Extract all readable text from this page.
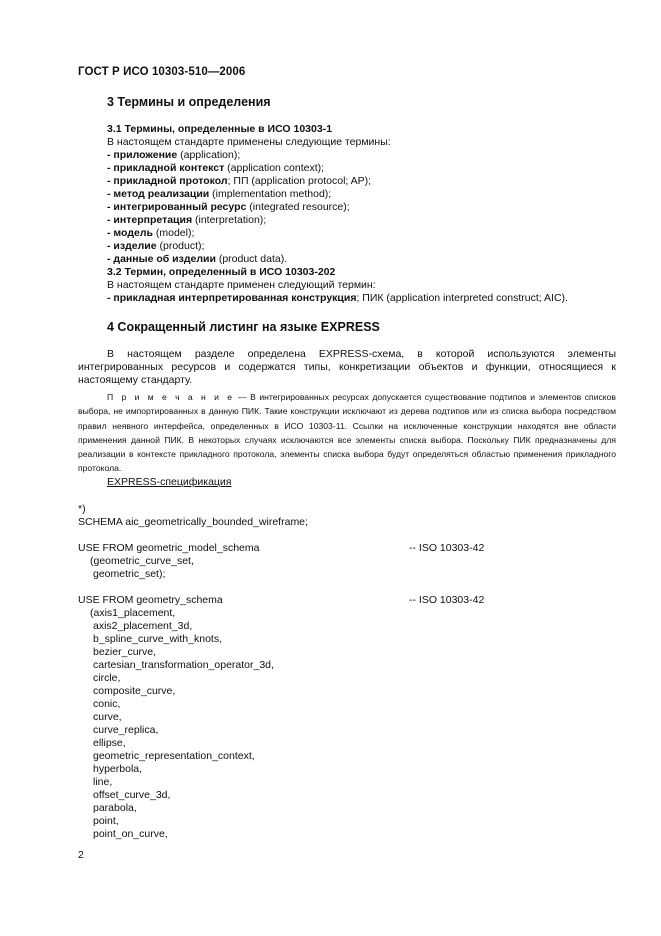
ГОСТ Р ИСО 10303-510—2006
3 Термины и определения
3.1 Термины, определенные в ИСО 10303-1
В настоящем стандарте применены следующие термины:
- приложение (application);
- прикладной контекст (application context);
- прикладной протокол; ПП (application protocol; AP);
- метод реализации (implementation method);
- интегрированный ресурс (integrated resource);
- интерпретация (interpretation);
- модель (model);
- изделие (product);
- данные об изделии (product data).
3.2 Термин, определенный в ИСО 10303-202
В настоящем стандарте применен следующий термин:
- прикладная интерпретированная конструкция; ПИК (application interpreted construct; AIC).
4 Сокращенный листинг на языке EXPRESS
В настоящем разделе определена EXPRESS-схема, в которой используются элементы интегрированных ресурсов и содержатся типы, конкретизации объектов и функции, относящиеся к настоящему стандарту.
П р и м е ч а н и е — В интегрированных ресурсах допускается существование подтипов и элементов списков выбора, не импортированных в данную ПИК. Такие конструкции исключают из дерева подтипов или из списка выбора посредством правил неявного интерфейса, определенных в ИСО 10303-11. Ссылки на исключенные конструкции находятся вне области применения данной ПИК. В некоторых случаях исключаются все элементы списка выбора. Поскольку ПИК предназначены для реализации в контексте прикладного протокола, элементы списка выбора будут определяться областью применения прикладного протокола.
EXPRESS-спецификация
*)
SCHEMA aic_geometrically_bounded_wireframe;
USE FROM geometric_model_schema	-- ISO 10303-42
(geometric_curve_set,
geometric_set);
USE FROM geometry_schema	-- ISO 10303-42
(axis1_placement,
axis2_placement_3d,
b_spline_curve_with_knots,
bezier_curve,
cartesian_transformation_operator_3d,
circle,
composite_curve,
conic,
curve,
curve_replica,
ellipse,
geometric_representation_context,
hyperbola,
line,
offset_curve_3d,
parabola,
point,
point_on_curve,
2
